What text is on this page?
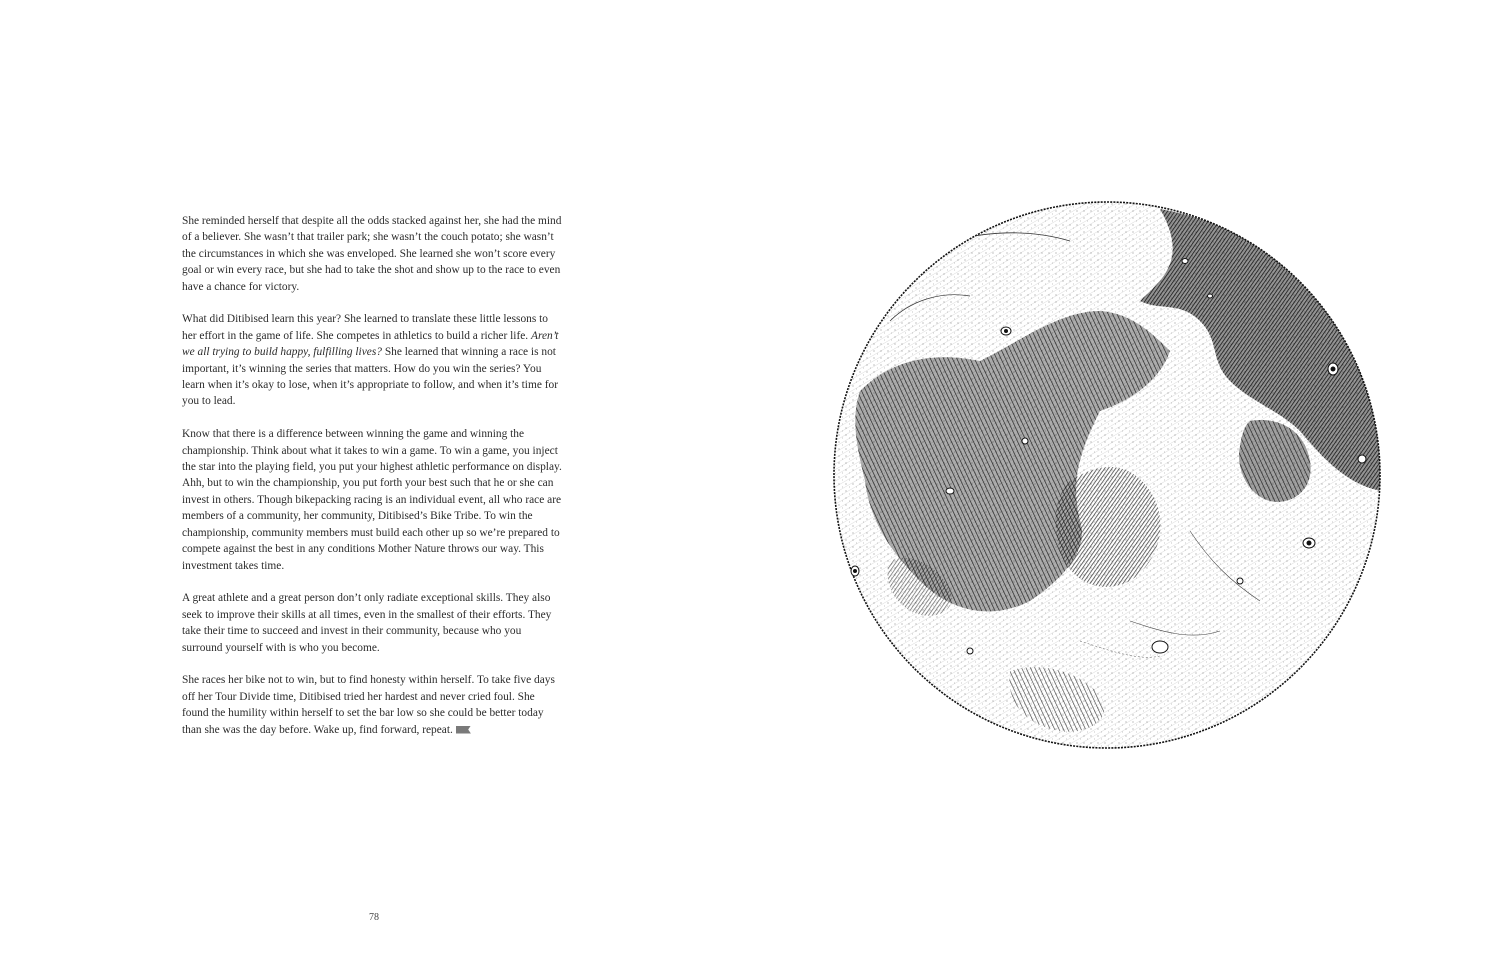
She reminded herself that despite all the odds stacked against her, she had the mind of a believer. She wasn’t that trailer park; she wasn’t the couch potato; she wasn’t the circumstances in which she was enveloped. She learned she won’t score every goal or win every race, but she had to take the shot and show up to the race to even have a chance for victory.

What did Ditibised learn this year? She learned to translate these little lessons to her effort in the game of life. She competes in athletics to build a richer life. Aren’t we all trying to build happy, fulfilling lives? She learned that winning a race is not important, it’s winning the series that matters. How do you win the series? You learn when it’s okay to lose, when it’s appropriate to follow, and when it’s time for you to lead.

Know that there is a difference between winning the game and winning the championship. Think about what it takes to win a game. To win a game, you inject the star into the playing field, you put your highest athletic performance on display. Ahh, but to win the championship, you put forth your best such that he or she can invest in others. Though bikepacking racing is an individual event, all who race are members of a community, her community, Ditibised’s Bike Tribe. To win the championship, community members must build each other up so we’re prepared to compete against the best in any conditions Mother Nature throws our way. This investment takes time.

A great athlete and a great person don’t only radiate exceptional skills. They also seek to improve their skills at all times, even in the smallest of their efforts. They take their time to succeed and invest in their community, because who you surround yourself with is who you become.

She races her bike not to win, but to find honesty within herself. To take five days off her Tour Divide time, Ditibised tried her hardest and never cried foul. She found the humility within herself to set the bar low so she could be better today than she was the day before. Wake up, find forward, repeat.

78
